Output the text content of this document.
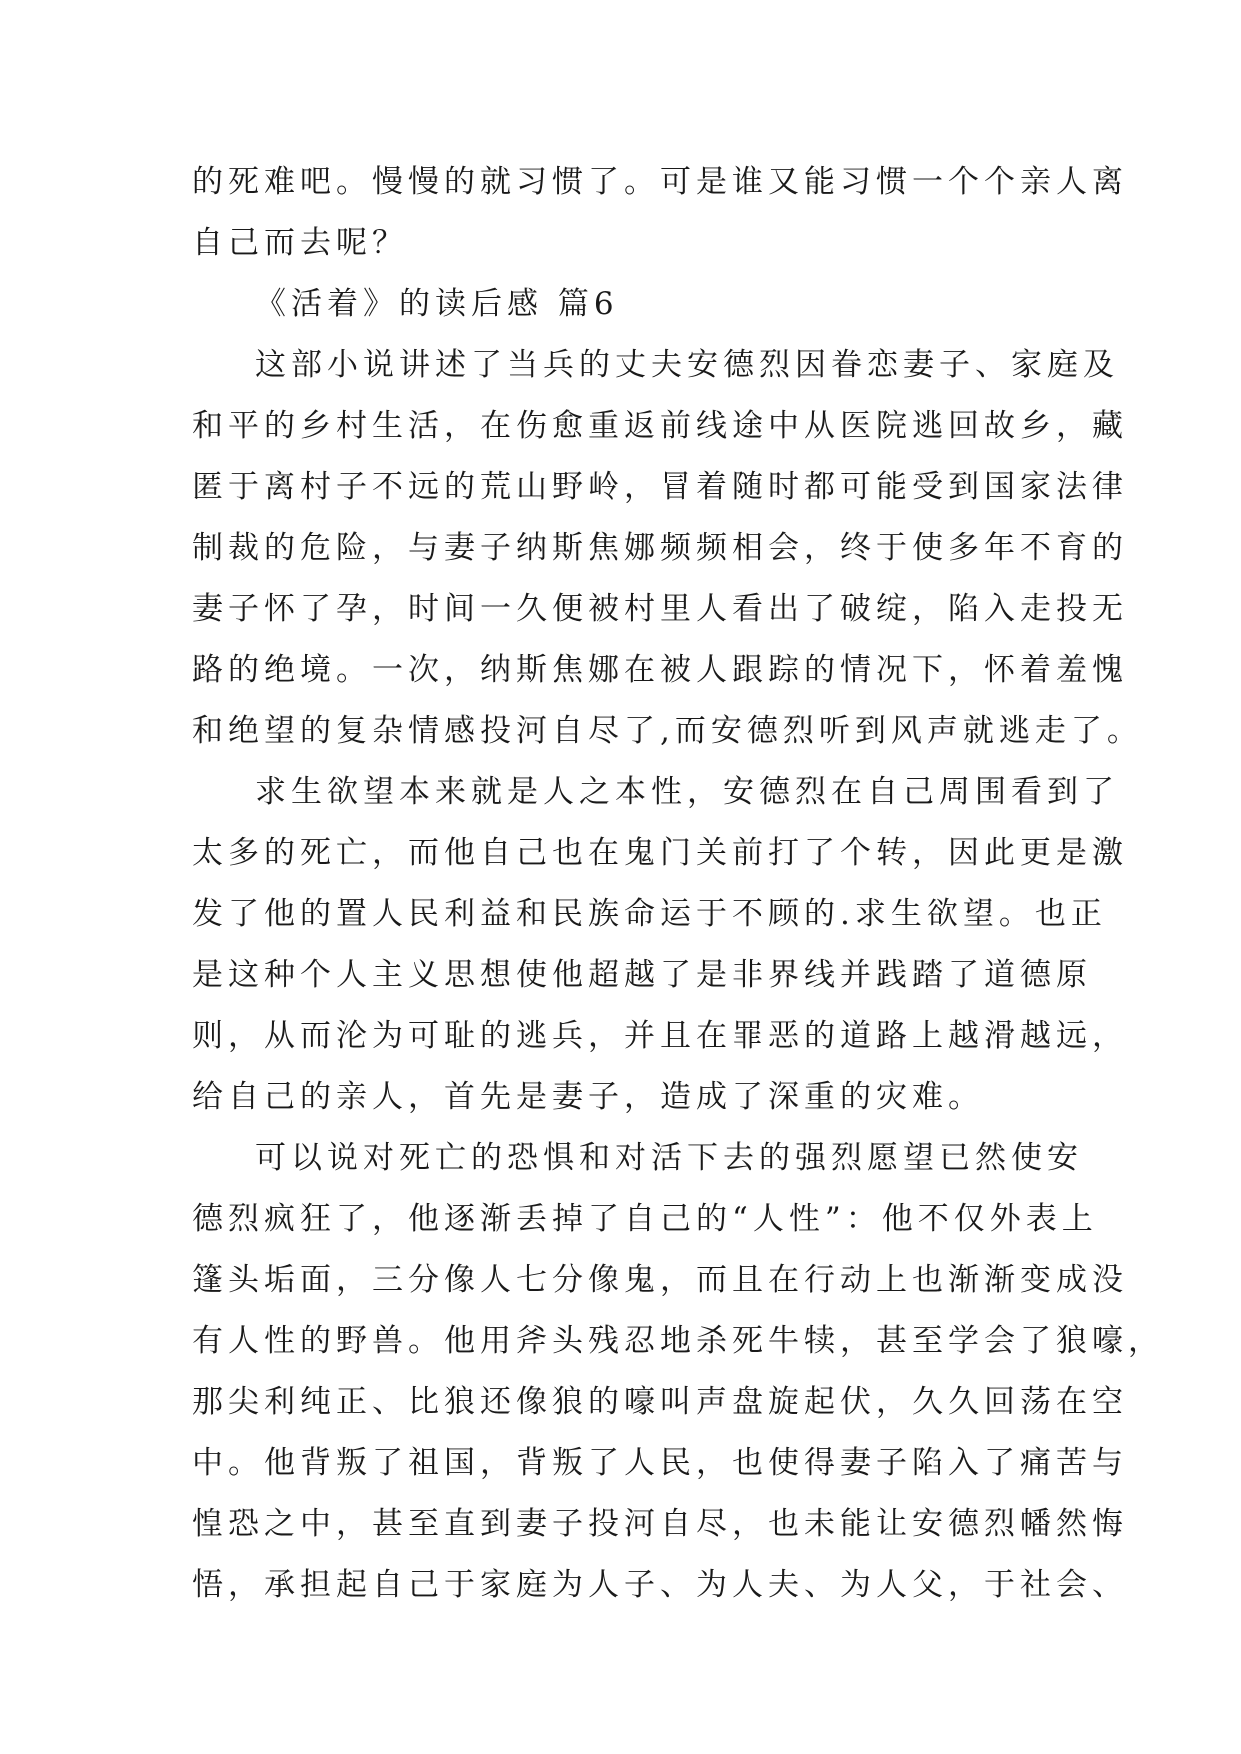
的死难吧。慢慢的就习惯了。可是谁又能习惯一个个亲人离
自己而去呢？
《活着》的读后感 篇6
这部小说讲述了当兵的丈夫安德烈因眷恋妻子、家庭及
和平的乡村生活，在伤愈重返前线途中从医院逃回故乡，藏
匿于离村子不远的荒山野岭，冒着随时都可能受到国家法律
制裁的危险，与妻子纳斯焦娜频频相会，终于使多年不育的
妻子怀了孕，时间一久便被村里人看出了破绽，陷入走投无
路的绝境。一次，纳斯焦娜在被人跟踪的情况下，怀着羞愧
和绝望的复杂情感投河自尽了,而安德烈听到风声就逃走了。
求生欲望本来就是人之本性，安德烈在自己周围看到了
太多的死亡，而他自己也在鬼门关前打了个转，因此更是激
发了他的置人民利益和民族命运于不顾的.求生欲望。也正
是这种个人主义思想使他超越了是非界线并践踏了道德原
则，从而沦为可耻的逃兵，并且在罪恶的道路上越滑越远，
给自己的亲人，首先是妻子，造成了深重的灾难。
可以说对死亡的恐惧和对活下去的强烈愿望已然使安
德烈疯狂了，他逐渐丢掉了自己的“人性”：他不仅外表上
篷头垢面，三分像人七分像鬼，而且在行动上也渐渐变成没
有人性的野兽。他用斧头残忍地杀死牛犊，甚至学会了狼嚎，
那尖利纯正、比狼还像狼的嚎叫声盘旋起伏，久久回荡在空
中。他背叛了祖国，背叛了人民，也使得妻子陷入了痛苦与
惶恐之中，甚至直到妻子投河自尽，也未能让安德烈幡然悔
悟，承担起自己于家庭为人子、为人夫、为人父，于社会、
